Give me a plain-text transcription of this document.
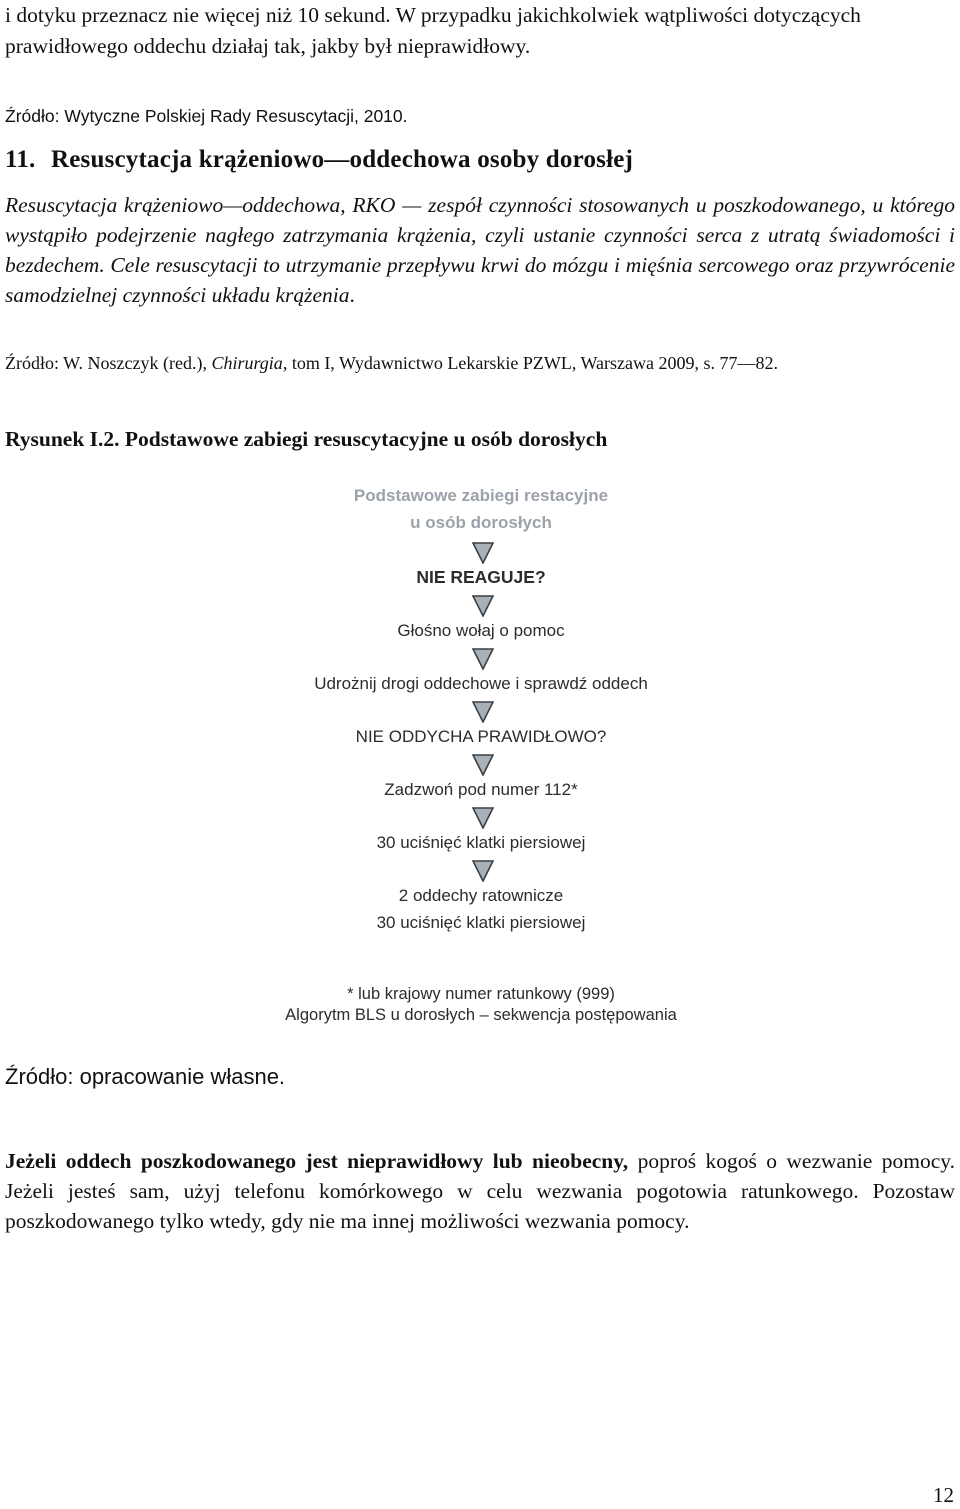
i dotyku przeznacz nie więcej niż 10 sekund. W przypadku jakichkolwiek wątpliwości dotyczących prawidłowego oddechu działaj tak, jakby był nieprawidłowy.
Źródło: Wytyczne Polskiej Rady Resuscytacji, 2010.
11. Resuscytacja krążeniowo—oddechowa osoby dorosłej

Resuscytacja krążeniowo—oddechowa, RKO — zespół czynności stosowanych u poszkodowanego, u którego wystąpiło podejrzenie nagłego zatrzymania krążenia, czyli ustanie czynności serca z utratą świadomości i bezdechem. Cele resuscytacji to utrzymanie przepływu krwi do mózgu i mięśnia sercowego oraz przywrócenie samodzielnej czynności układu krążenia.

Źródło: W. Noszczyk (red.), Chirurgia, tom I, Wydawnictwo Lekarskie PZWL, Warszawa 2009, s. 77—82.
Rysunek I.2. Podstawowe zabiegi resuscytacyjne u osób dorosłych
Podstawowe zabiegi restacyjne
u osób dorosłych
NIE REAGUJE?
Głośno wołaj o pomoc
Udrożnij drogi oddechowe i sprawdź oddech
NIE ODDYCHA PRAWIDŁOWO?
Zadzwoń pod numer 112*
30 uciśnięć klatki piersiowej
2 oddechy ratownicze
30 uciśnięć klatki piersiowej
* lub krajowy numer ratunkowy (999)
Algorytm BLS u dorosłych – sekwencja postępowania
Źródło: opracowanie własne.

Jeżeli oddech poszkodowanego jest nieprawidłowy lub nieobecny, poproś kogoś o wezwanie pomocy. Jeżeli jesteś sam, użyj telefonu komórkowego w celu wezwania pogotowia ratunkowego. Pozostaw poszkodowanego tylko wtedy, gdy nie ma innej możliwości wezwania pomocy.

12
